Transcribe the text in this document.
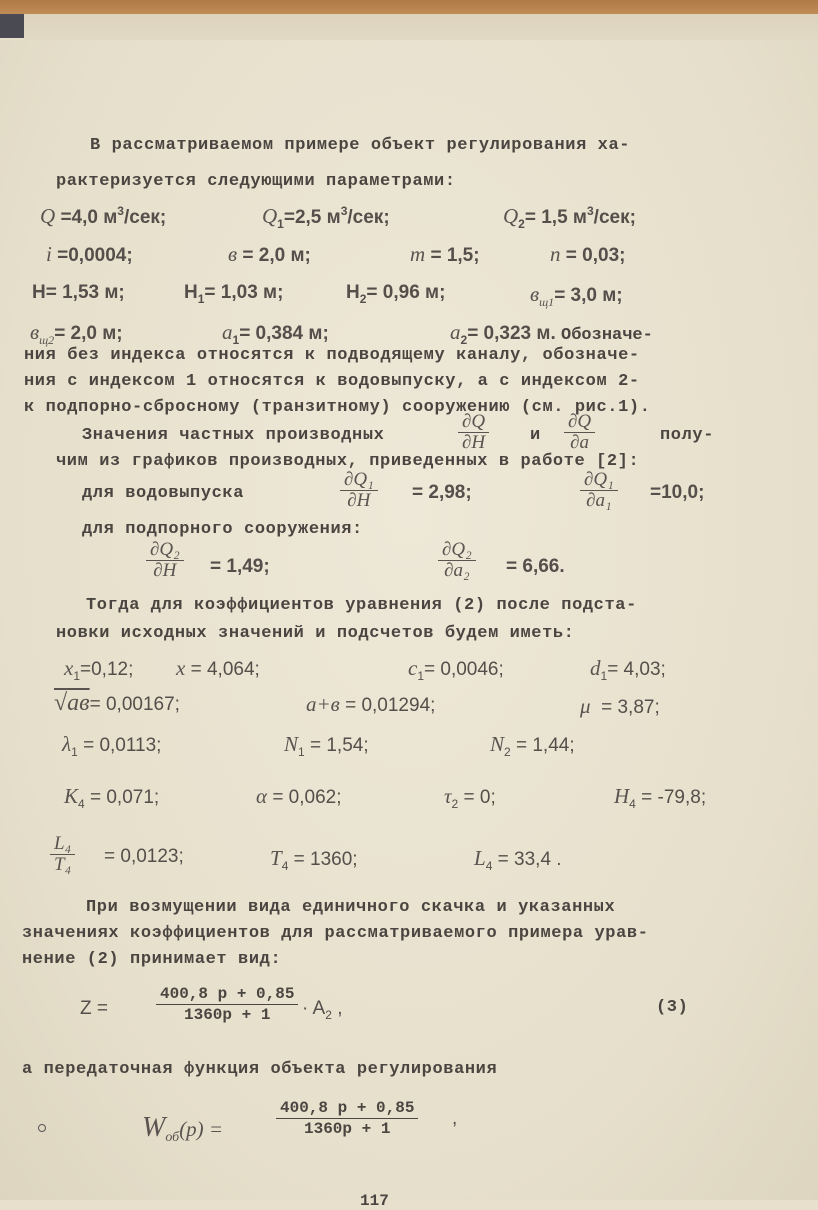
В рассматриваемом примере объект регулирования ха-
рактеризуется следующими параметрами:
Q =4,0 $м^3$/сек;	$Q_1=2,5$ $м^3$/сек;	$Q_2= 1,5$ $м^3$/сек;
i =0,0004;	в = 2,0 м;	m = 1,5;	n = 0,03;
H= 1,53 м;	$H_1= 1,03$ м;	$H_2= 0,96$ м;	$в_{щ1}= 3,0$ м;
$в_{щ2}= 2,0$ м;	$a_1= 0,384$ м;	$a_2= 0,323$ м. Обозначе-
ния без индекса относятся к подводящему каналу, обозначе-
ния с индексом 1 относятся к водовыпуску, а с индексом 2-
к подпорно-сбросному (транзитному) сооружению (см. рис.1).
Значения частных производных	$\frac{\partial Q}{\partial H}$ и $\frac{\partial Q}{\partial a}$	полу-
чим из графиков производных, приведенных в работе [2]:
для водовыпуска	$\frac{\text{∂Q₁}}{\partial H} = 2,98$;	$\frac{\text{∂Q₁}}{\text{∂a₁}} =10,0$;
для подпорного сооружения:
$\frac{\text{∂Q₂}}{\partial H} = 1,49$;	$\frac{\text{∂Q₂}}{\text{∂a₂}} = 6,66$.
Тогда для коэффициентов уравнения (2) после подста-
новки исходных значений и подсчетов будем иметь:
$x_1=0,12$; x = 4,064;	$c_1= 0,0046$;	$d_1= 4,03$;
√aв= 0,00167;	a+в = 0,01294;	μ = 3,87;
$\lambda_1 = 0,0113$;	$N_1 = 1,54$;	$N_2 = 1,44$;
$K_4 = 0,071$;	α = 0,062;	$\tau_2 = 0$;	$H_4 = -79,8$;
$\frac{\text{L₄}}{\text{T₄}} = 0,0123$;	$T_4 = 1360$;	$L_4 = 33,4$ .
При возмущении вида единичного скачка и указанных
значениях коэффициентов для рассматриваемого примера урав-
нение (2) принимает вид:
Z =	$\frac{400,8 p + 0,85}{1360p + 1} \cdot A_2$ ,	(3)
а передаточная функция объекта регулирования
$W_{об}(p)$ =	$\frac{400,8 p + 0,85}{1360p + 1}$ ,
117
